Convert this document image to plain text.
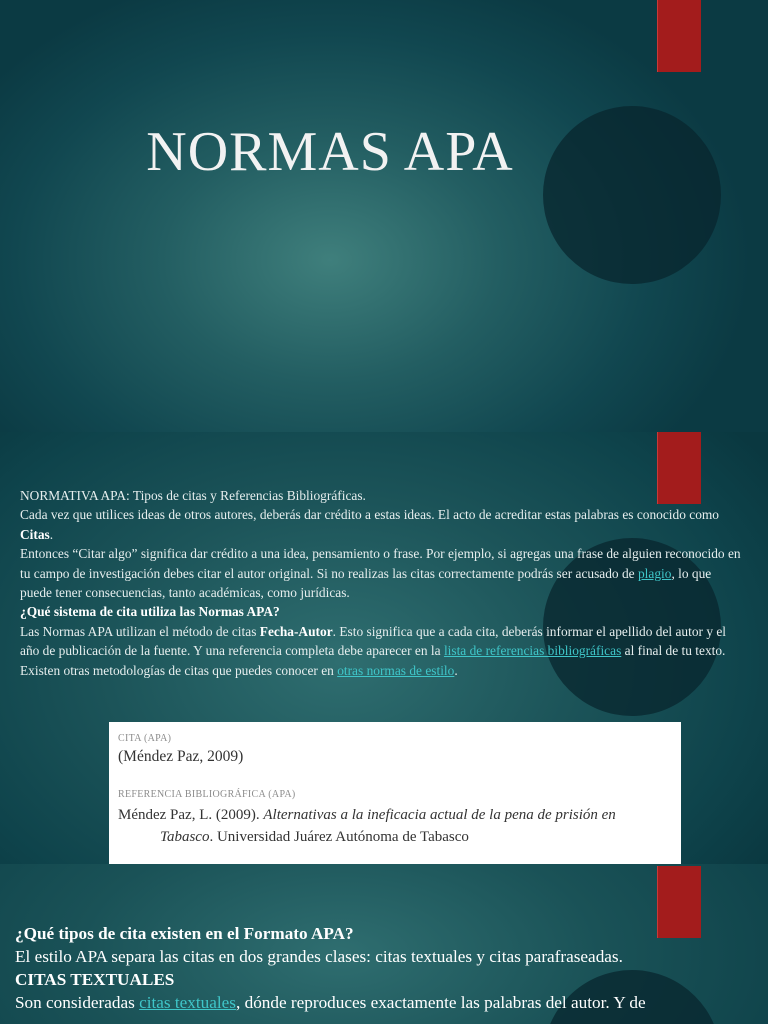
NORMAS APA

NORMATIVA APA: Tipos de citas y Referencias Bibliográficas.

Cada vez que utilices ideas de otros autores, deberás dar crédito a estas ideas. El acto de acreditar estas palabras es conocido como Citas.

Entonces “Citar algo” significa dar crédito a una idea, pensamiento o frase. Por ejemplo, si agregas una frase de alguien reconocido en tu campo de investigación debes citar el autor original. Si no realizas las citas correctamente podrás ser acusado de plagio, lo que puede tener consecuencias, tanto académicas, como jurídicas.

¿Qué sistema de cita utiliza las Normas APA?

Las Normas APA utilizan el método de citas Fecha-Autor. Esto significa que a cada cita, deberás informar el apellido del autor y el año de publicación de la fuente. Y una referencia completa debe aparecer en la lista de referencias bibliográficas al final de tu texto. Existen otras metodologías de citas que puedes conocer en otras normas de estilo.

CITA (APA)
(Méndez Paz, 2009)
REFERENCIA BIBLIOGRÁFICA (APA)
Méndez Paz, L. (2009). Alternativas a la ineficacia actual de la pena de prisión en
Tabasco. Universidad Juárez Autónoma de Tabasco

¿Qué tipos de cita existen en el Formato APA?

El estilo APA separa las citas en dos grandes clases: citas textuales y citas parafraseadas.

CITAS TEXTUALES

Son consideradas citas textuales, dónde reproduces exactamente las palabras del autor. Y de
